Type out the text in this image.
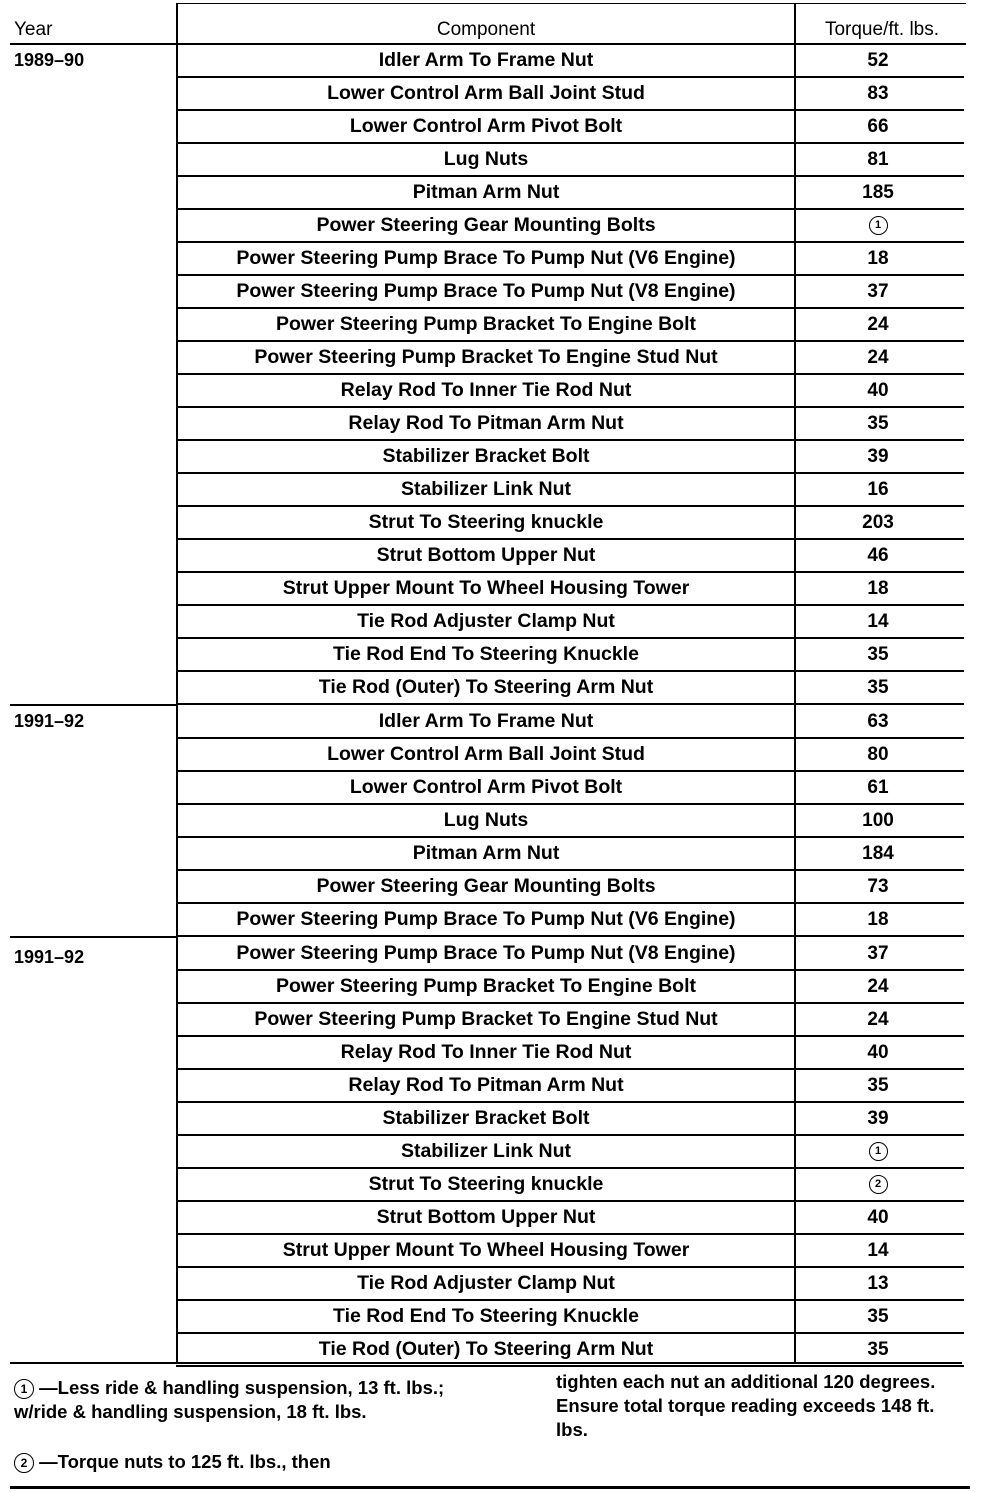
Year	Component	Torque/ft. lbs.
1989–90	Idler Arm To Frame Nut	52
Lower Control Arm Ball Joint Stud	83
Lower Control Arm Pivot Bolt	66
Lug Nuts	81
Pitman Arm Nut	185
Power Steering Gear Mounting Bolts	1
Power Steering Pump Brace To Pump Nut (V6 Engine)	18
Power Steering Pump Brace To Pump Nut (V8 Engine)	37
Power Steering Pump Bracket To Engine Bolt	24
Power Steering Pump Bracket To Engine Stud Nut	24
Relay Rod To Inner Tie Rod Nut	40
Relay Rod To Pitman Arm Nut	35
Stabilizer Bracket Bolt	39
Stabilizer Link Nut	16
Strut To Steering knuckle	203
Strut Bottom Upper Nut	46
Strut Upper Mount To Wheel Housing Tower	18
Tie Rod Adjuster Clamp Nut	14
Tie Rod End To Steering Knuckle	35
Tie Rod (Outer) To Steering Arm Nut	35
1991–92	Idler Arm To Frame Nut	63
Lower Control Arm Ball Joint Stud	80
Lower Control Arm Pivot Bolt	61
Lug Nuts	100
Pitman Arm Nut	184
Power Steering Gear Mounting Bolts	73
Power Steering Pump Brace To Pump Nut (V6 Engine)	18
1991–92	Power Steering Pump Brace To Pump Nut (V8 Engine)	37
Power Steering Pump Bracket To Engine Bolt	24
Power Steering Pump Bracket To Engine Stud Nut	24
Relay Rod To Inner Tie Rod Nut	40
Relay Rod To Pitman Arm Nut	35
Stabilizer Bracket Bolt	39
Stabilizer Link Nut	1
Strut To Steering knuckle	2
Strut Bottom Upper Nut	40
Strut Upper Mount To Wheel Housing Tower	14
Tie Rod Adjuster Clamp Nut	13
Tie Rod End To Steering Knuckle	35
Tie Rod (Outer) To Steering Arm Nut	35
1 —Less ride & handling suspension, 13 ft. lbs.; w/ride & handling suspension, 18 ft. lbs.
2 —Torque nuts to 125 ft. lbs., then
tighten each nut an additional 120 degrees. Ensure total torque reading exceeds 148 ft. lbs.
